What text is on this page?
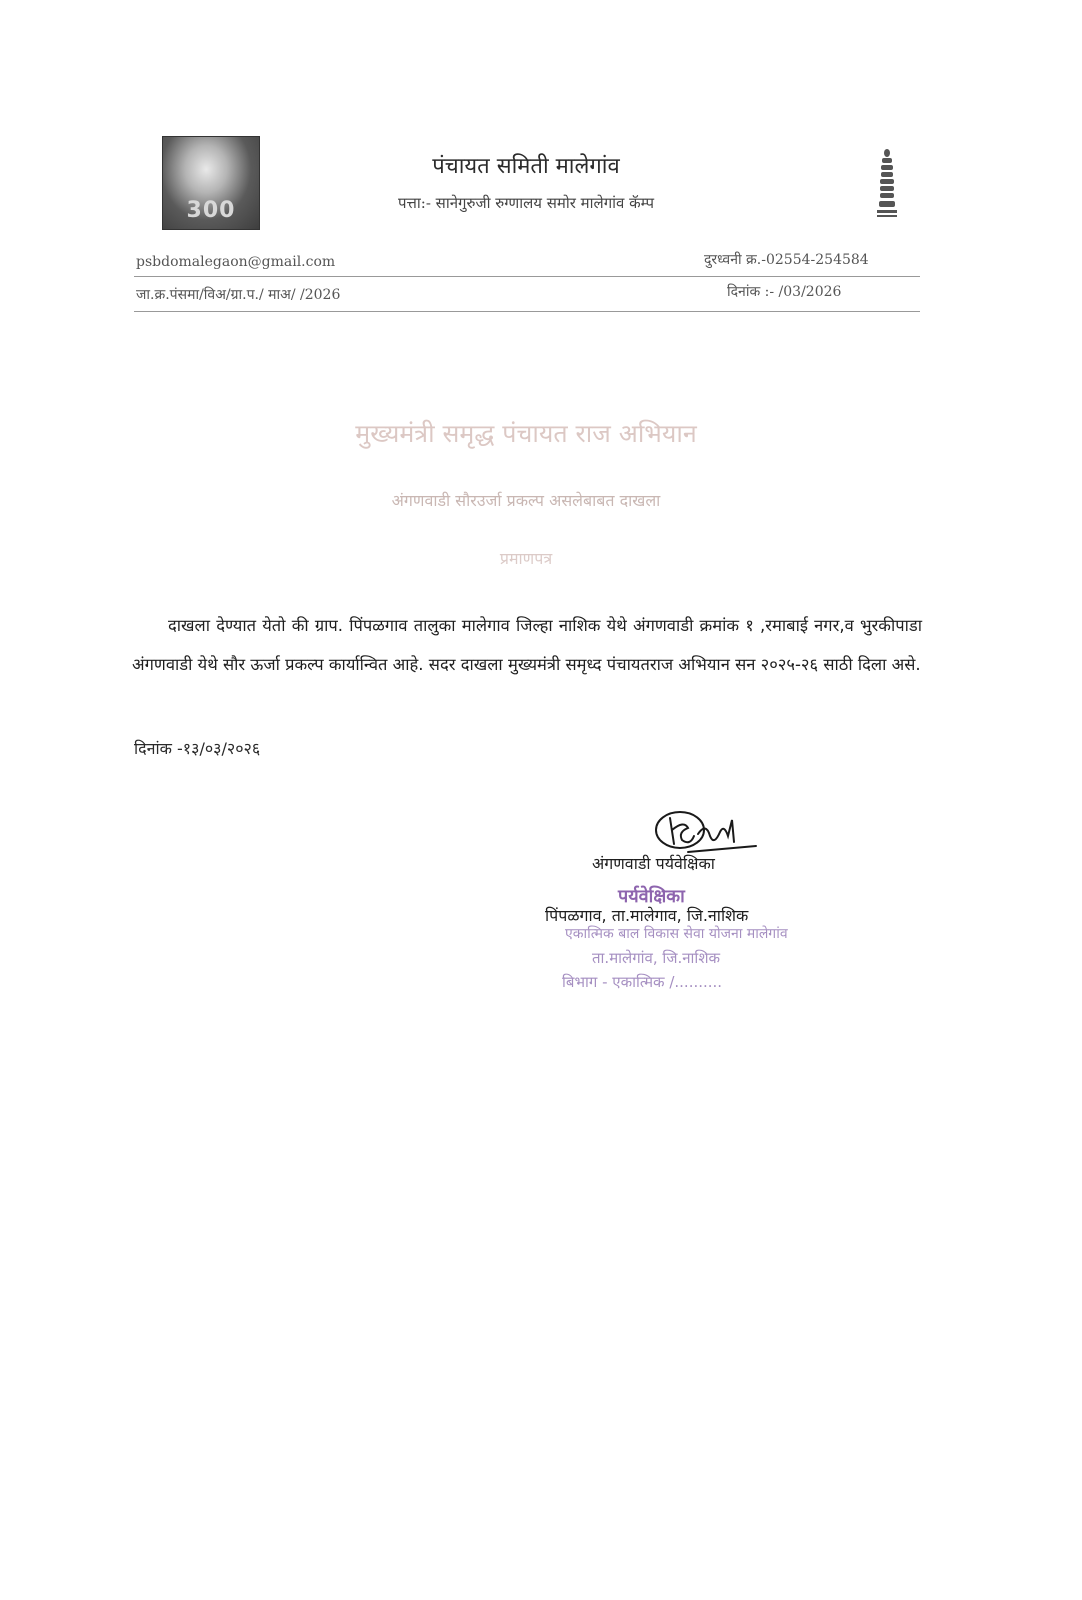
300
पंचायत समिती मालेगांव
पत्ता:- सानेगुरुजी रुग्णालय समोर मालेगांव कॅम्प
psbdomalegaon@gmail.com	दुरध्वनी क्र.-02554-254584
जा.क्र.पंसमा/विअ/ग्रा.प./ माअ/ /2026	दिनांक :- /03/2026
मुख्यमंत्री समृद्ध पंचायत राज अभियान
अंगणवाडी सौरउर्जा प्रकल्प असलेबाबत दाखला
प्रमाणपत्र
दाखला देण्यात येतो की ग्राप. पिंपळगाव तालुका मालेगाव जिल्हा नाशिक येथे अंगणवाडी क्रमांक १ ,रमाबाई नगर,व भुरकीपाडा अंगणवाडी येथे सौर ऊर्जा प्रकल्प कार्यान्वित आहे. सदर दाखला मुख्यमंत्री समृध्द पंचायतराज अभियान सन २०२५-२६ साठी दिला असे.
दिनांक -१३/०३/२०२६
अंगणवाडी पर्यवेक्षिका
पर्यवेक्षिका
पिंपळगाव, ता.मालेगाव, जि.नाशिक
एकात्मिक बाल विकास सेवा योजना मालेगांव
ता.मालेगांव, जि.नाशिक
बिभाग - एकात्मिक /..........
